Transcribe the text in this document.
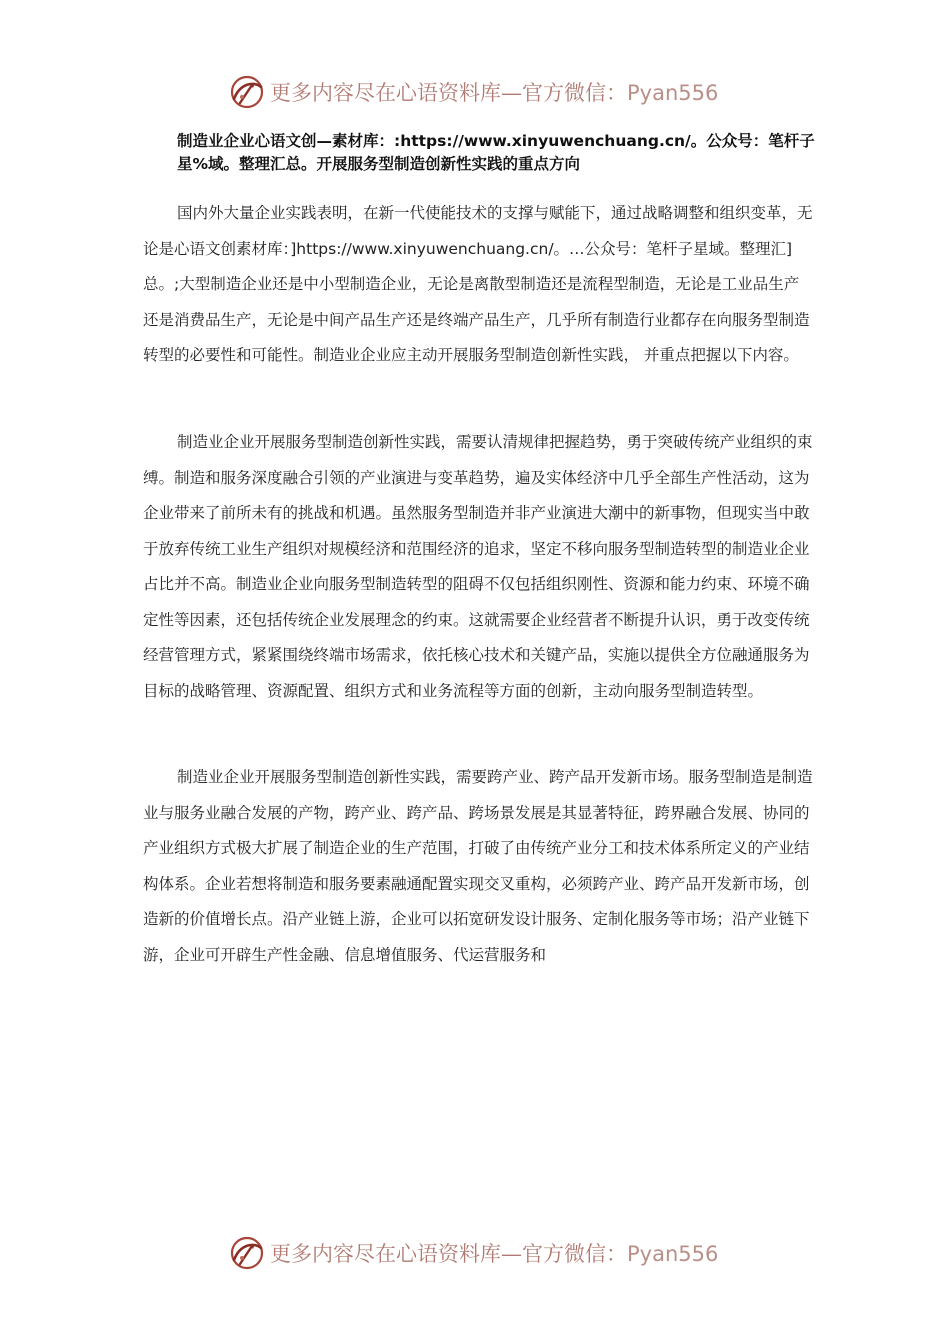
更多内容尽在心语资料库—官方微信：Pyan556
制造业企业心语文创—素材库：:https://www.xinyuwenchuang.cn/。公众号：笔杆子星%域。整理汇总。开展服务型制造创新性实践的重点方向

国内外大量企业实践表明，在新一代使能技术的支撑与赋能下，通过战略调整和组织变革，无论是心语文创素材库：]https://www.xinyuwenchuang.cn/。…公众号：笔杆子星域。整理汇]总。;大型制造企业还是中小型制造企业，无论是离散型制造还是流程型制造，无论是工业品生产还是消费品生产，无论是中间产品生产还是终端产品生产，几乎所有制造行业都存在向服务型制造转型的必要性和可能性。制造业企业应主动开展服务型制造创新性实践， 并重点把握以下内容。

制造业企业开展服务型制造创新性实践，需要认清规律把握趋势，勇于突破传统产业组织的束缚。制造和服务深度融合引领的产业演进与变革趋势，遍及实体经济中几乎全部生产性活动，这为企业带来了前所未有的挑战和机遇。虽然服务型制造并非产业演进大潮中的新事物，但现实当中敢于放弃传统工业生产组织对规模经济和范围经济的追求，坚定不移向服务型制造转型的制造业企业占比并不高。制造业企业向服务型制造转型的阻碍不仅包括组织刚性、资源和能力约束、环境不确定性等因素，还包括传统企业发展理念的约束。这就需要企业经营者不断提升认识，勇于改变传统经营管理方式，紧紧围绕终端市场需求，依托核心技术和关键产品，实施以提供全方位融通服务为目标的战略管理、资源配置、组织方式和业务流程等方面的创新，主动向服务型制造转型。

制造业企业开展服务型制造创新性实践，需要跨产业、跨产品开发新市场。服务型制造是制造业与服务业融合发展的产物，跨产业、跨产品、跨场景发展是其显著特征，跨界融合发展、协同的产业组织方式极大扩展了制造企业的生产范围，打破了由传统产业分工和技术体系所定义的产业结构体系。企业若想将制造和服务要素融通配置实现交叉重构，必须跨产业、跨产品开发新市场，创造新的价值增长点。沿产业链上游，企业可以拓宽研发设计服务、定制化服务等市场；沿产业链下游，企业可开辟生产性金融、信息增值服务、代运营服务和

更多内容尽在心语资料库—官方微信：Pyan556
